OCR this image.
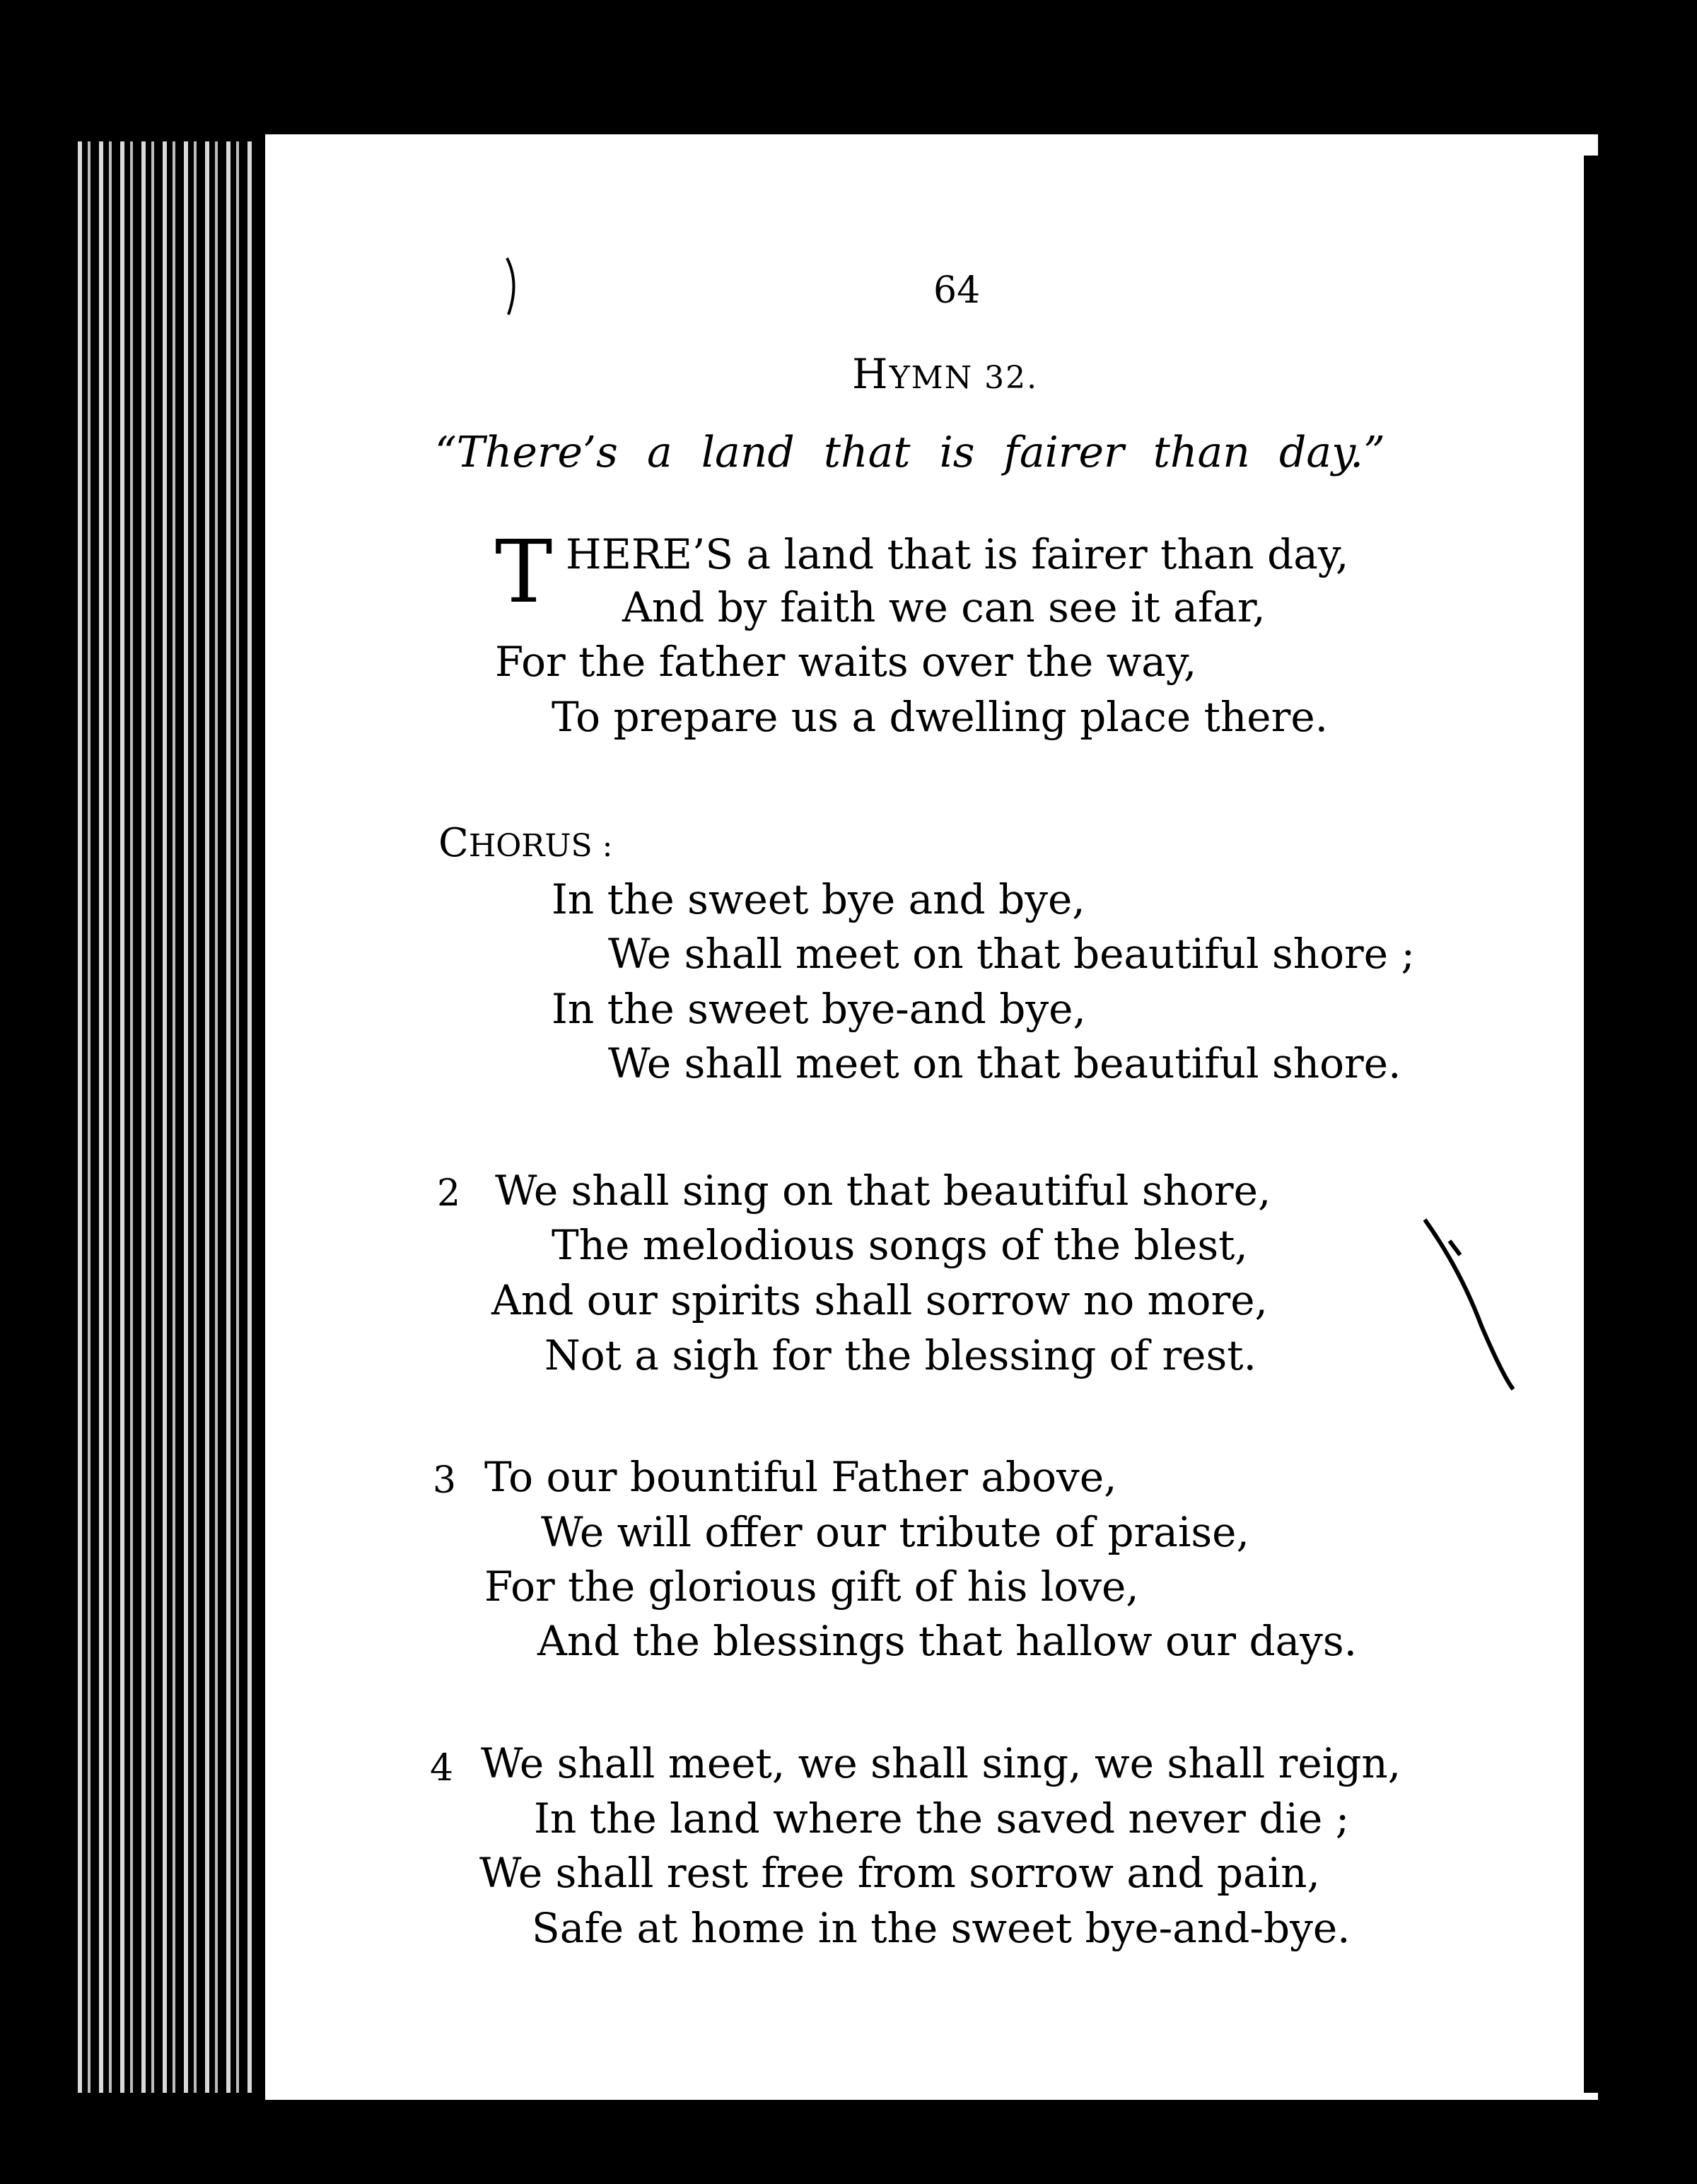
64
HYMN 32.
“There’s a land that is fairer than day.”
T HERE’S a land that is fairer than day,
And by faith we can see it afar,
For the father waits over the way,
To prepare us a dwelling place there.
CHORUS :
In the sweet bye and bye,
We shall meet on that beautiful shore ;
In the sweet bye-and bye,
We shall meet on that beautiful shore.
2 We shall sing on that beautiful shore,
The melodious songs of the blest,
And our spirits shall sorrow no more,
Not a sigh for the blessing of rest.
3 To our bountiful Father above,
We will offer our tribute of praise,
For the glorious gift of his love,
And the blessings that hallow our days.
4 We shall meet, we shall sing, we shall reign,
In the land where the saved never die ;
We shall rest free from sorrow and pain,
Safe at home in the sweet bye-and-bye.
